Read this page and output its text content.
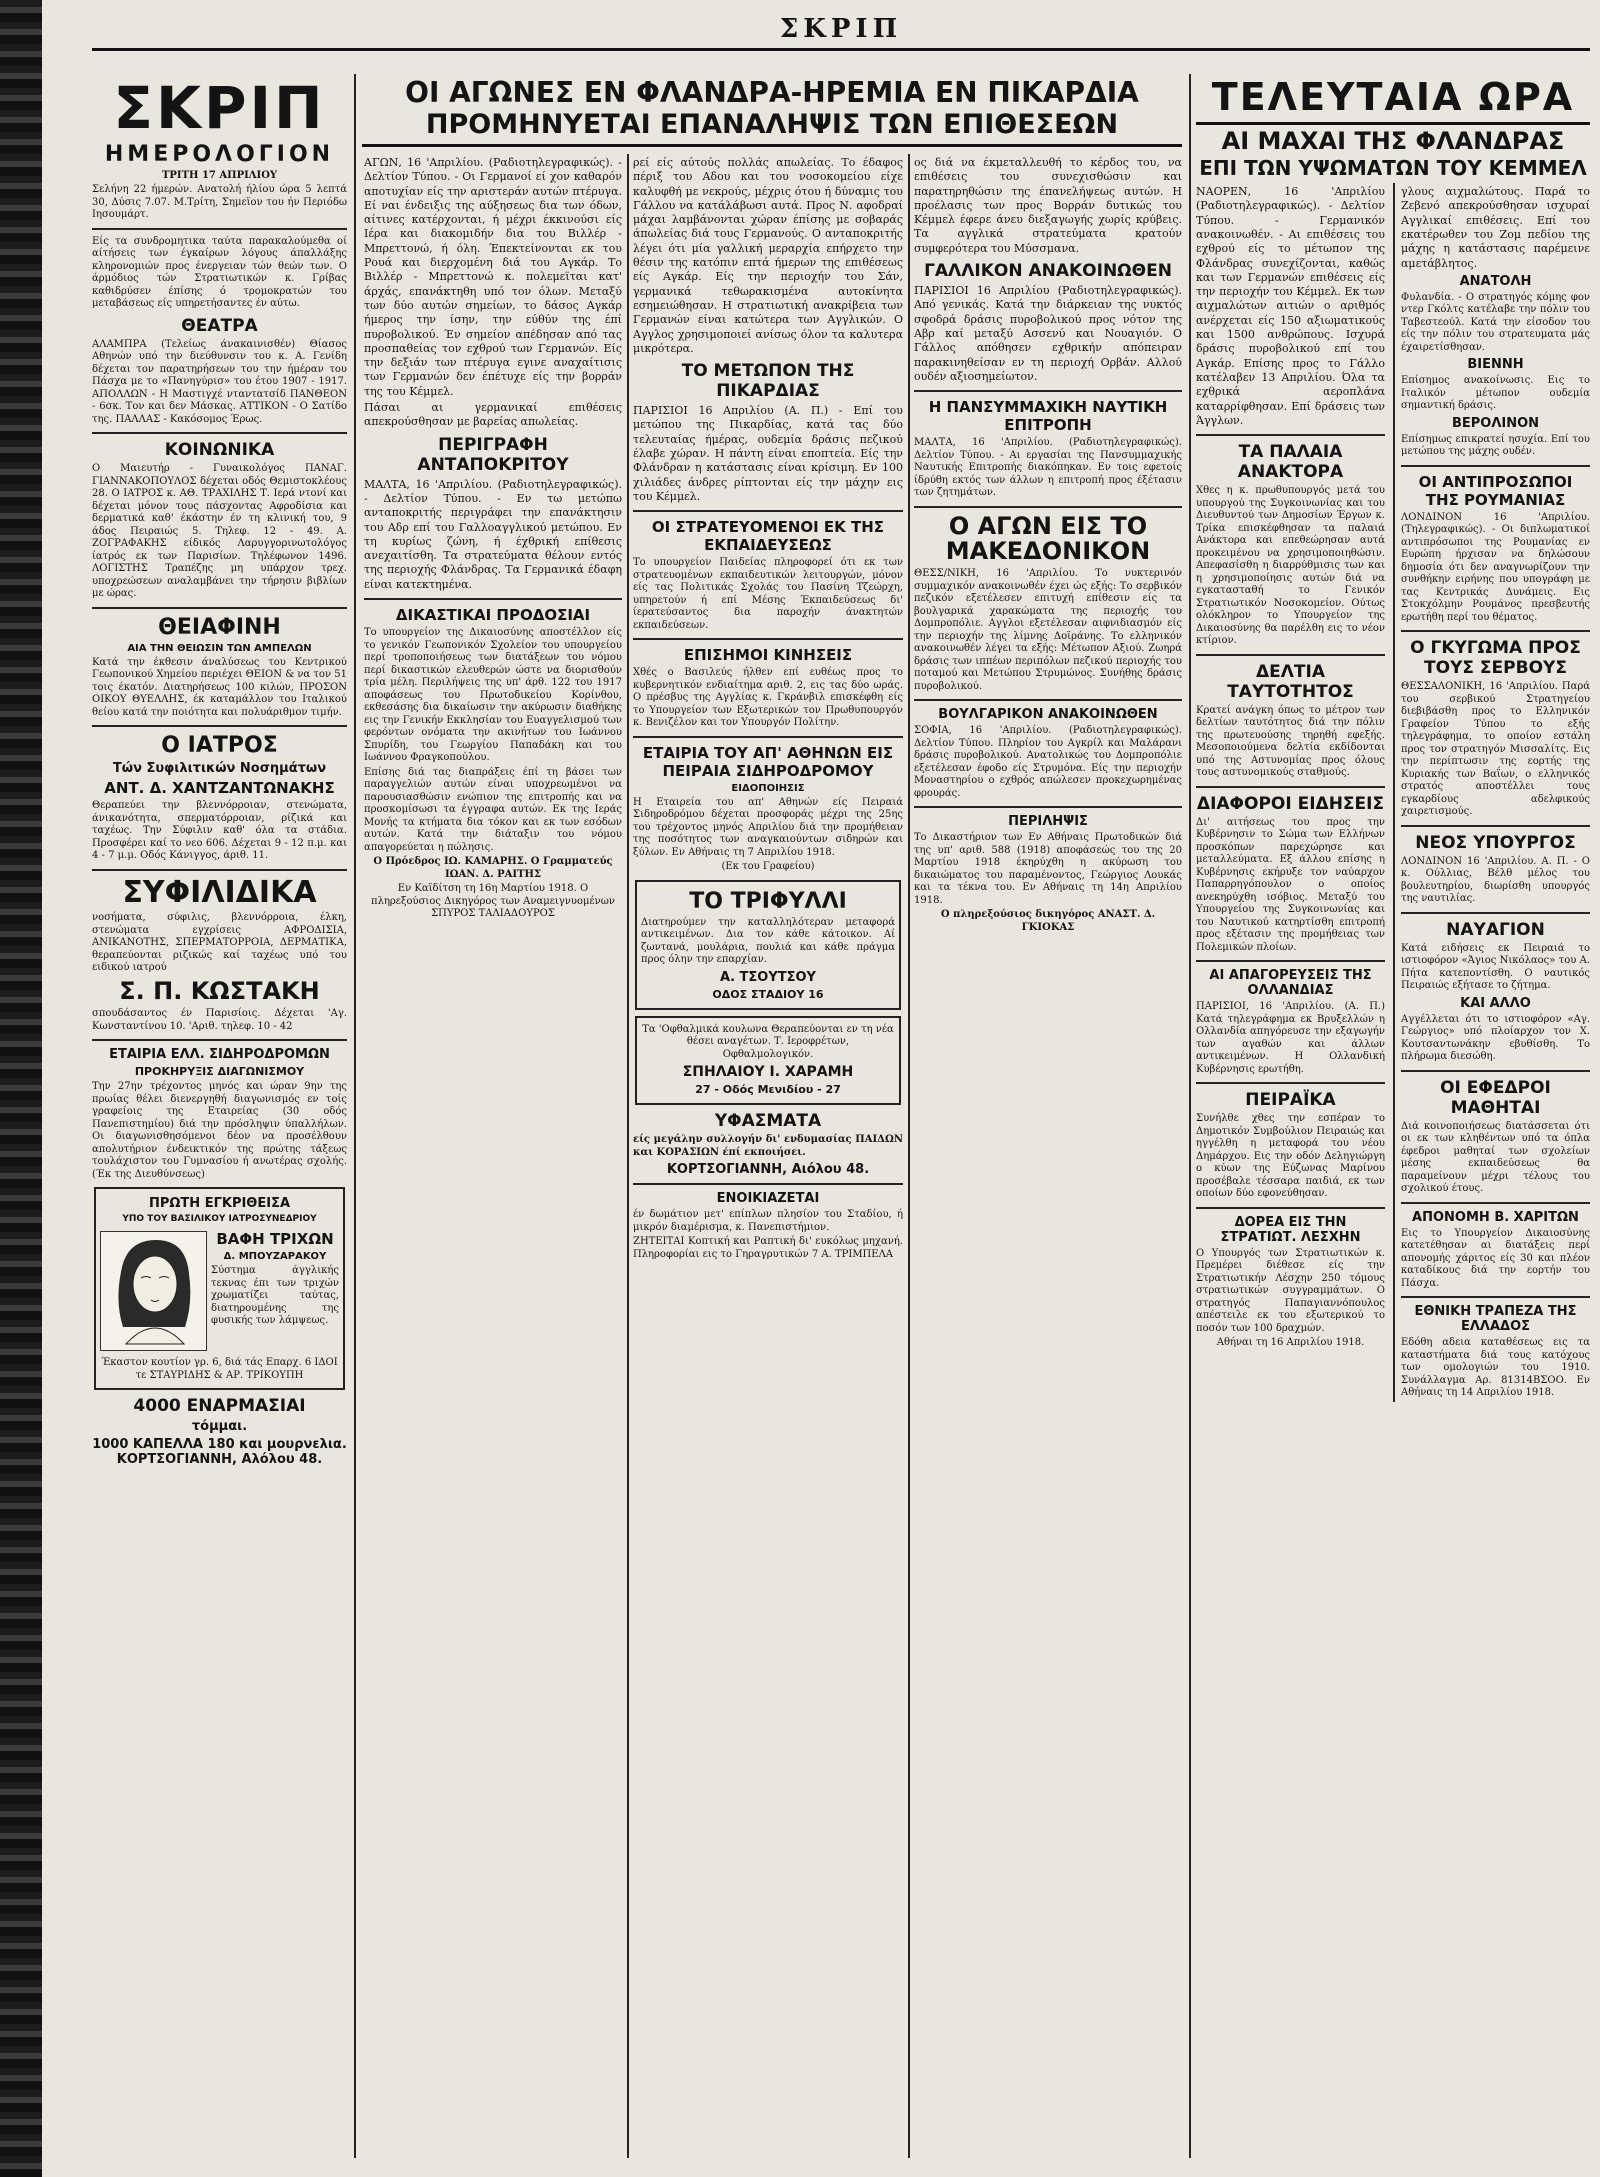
ΣΚΡΙΠ
ΣΚΡΙΠ
ΗΜΕΡΟΛΟΓΙΟΝ
ΤΡΙΤΗ 17 ΑΠΡΙΛΙΟΥ
Σελήνη 22 ήμερών. Ανατολή ήλίου ώρα 5 λεπτά 30, Δύσις 7.07. Μ.Τρίτη, Σημεϊον του ήν Περιόδω Ιησουμάρτ.
Είς τα συνδρομητικα ταύτα παρακαλούμεθα οί αίτήσεις των έγκαίρων λόγους άπαλλάξης κληρονομιών προς ένεργειαν τών θεών των. Ο άρμόδιος τών Στρατιωτικών κ. Γρίβας καθιδρύσεν έπίσης ό τρομοκρατών του μεταβάσεως είς υπηρετήσαντες έν αύτω.
ΘΕΑΤΡΑ
ΑΛΑΜΠΡΑ (Τελείως άνακαινισθέν) Θίασος Αθηνών υπό την διεύθυνσιν του κ. Α. Γενίδη δέχεται τον παρατηρήσεων του την ήμέραν του Πάσχα με το «Πανηγύρισ» του έτου 1907 - 1917. ΑΠΟΛΛΩΝ - Η Μαστιγχέ νταντατσίδ ΠΑΝΘΕΟΝ - 6σκ. Τον και δεν Μάσκας. ΑΤΤΙΚΟΝ - Ο Σατίδο της. ΠΑΛΛΑΣ - Κακόσομος Έρως.
ΚΟΙΝΩΝΙΚΑ
Ο Μαιευτήρ - Γυναικολόγος ΠΑΝΑΓ. ΓΙΑΝΝΑΚΟΠΟΥΛΟΣ δέχεται οδός Θεμιστοκλέους 28. Ο ΙΑΤΡΟΣ κ. ΑΘ. ΤΡΑΧΙΛΗΣ Τ. Ιερά ντονί και δέχεται μόνον τους πάσχοντας Αφροδίσια και δερματικά καθ' έκάστην έν τη κλινική του, 9 άδος Πειραιώς 5. Τηλεφ. 12 - 49. Α. ΖΟΓΡΑΦΑΚΗΣ είδικός Λαρυγγορινωτολόγος ίατρός εκ των Παρισίων. Τηλέφωνον 1496. ΛΟΓΙΣΤΗΣ Τραπέζης μη υπάρχον τρεχ. υποχρεώσεων αναλαμβάνει την τήρησιν βιβλίων με ώρας.
ΘΕΙΑΦΙΝΗ
ΑΙΑ ΤΗΝ ΘΕΙΩΣΙΝ ΤΩΝ ΑΜΠΕΛΩΝ
Κατά την έκθεσιν άναλύσεως του Κεντρικού Γεωπονικού Χημείου περιέχει ΘΕΙΟΝ & να τον 51 τοις έκατόν. Διατηρήσεως 100 κιλών, ΠΡΟΣΟΝ ΟΙΚΟΥ ΘΥΕΛΛΗΣ, έκ καταμάλλον του Ιταλικού θείου κατά την ποιότητα και πολυάριθμον τιμήν.
Ο ΙΑΤΡΟΣ
Τών Συφιλιτικών Νοσημάτων
ΑΝΤ. Δ. ΧΑΝΤΖΑΝΤΩΝΑΚΗΣ
Θεραπεύει την βλεννόρροιαν, στενώματα, άνικανότητα, σπερματόρροιαν, ρίζικά και ταχέως. Την Σύφιλιν καθ' όλα τα στάδια. Προσφέρει καί το νεο 606. Δέχεται 9 - 12 π.μ. και 4 - 7 μ.μ. Οδός Κάνιγγος, άριθ. 11.
ΣΥΦΙΛΙΔΙΚΑ
νοσήματα, σύφιλις, βλεννόρροια, έλκη, στενώματα εγχρίσεις ΑΦΡΟΔΙΣΙΑ, ΑΝΙΚΑΝΟΤΗΣ, ΣΠΕΡΜΑΤΟΡΡΟΙΑ, ΔΕΡΜΑΤΙΚΑ, θεραπεύονται ριζικώς καί ταχέως υπό του ειδικού ιατρού
Σ. Π. ΚΩΣΤΑΚΗ
σπουδάσαντος έν Παρισίοις. Δέχεται 'Αγ. Κωνσταντίνου 10. 'Αριθ. τηλεφ. 10 - 42
ΕΤΑΙΡΙΑ ΕΛΛ. ΣΙΔΗΡΟΔΡΟΜΩΝ
ΠΡΟΚΗΡΥΞΙΣ ΔΙΑΓΩΝΙΣΜΟΥ
Την 27ην τρέχοντος μηνός και ώραν 9ην της πρωίας θέλει διενεργηθή διαγωνισμός εν τοίς γραφείοις της Εταιρείας (30 οδός Πανεπιστημίου) διά την πρόσληψιν ύπαλλήλων. Οι διαγωνισθησόμενοι δέον να προσέλθουν απολυτήριον ένδεικτικόν της πρώτης τάξεως τουλάχιστον του Γυμνασίου ή ανωτέρας σχολής. (Έκ της Διευθύνσεως)
ΠΡΩΤΗ ΕΓΚΡΙΘΕΙΣΑ
ΥΠΟ ΤΟΥ ΒΑΣΙΛΙΚΟΥ ΙΑΤΡΟΣΥΝΕΔΡΙΟΥ
ΒΑΦΗ ΤΡΙΧΩΝ
Δ. ΜΠΟΥΖΑΡΑΚΟΥ
Σύστημα άγγλικής τεκνας έπι των τριχών χρωματίζει ταύτας, διατηρουμένης της φυσικής των λάμψεως.
Έκαστον κουτίον γρ. 6, διά τάς Επαρχ. 6 ΙΔΟΙ τε ΣΤΑΥΡΙΔΗΣ & ΑΡ. ΤΡΙΚΟΥΠΗ
4000 ΕΝΑΡΜΑΣΙΑΙ
τόμμαι.
1000 ΚΑΠΕΛΛΑ 180 και μουρνελια. ΚΟΡΤΣΟΓΙΑΝΝΗ, Αλόλου 48.
ΟΙ ΑΓΩΝΕΣ ΕΝ ΦΛΑΝΔΡΑ-ΗΡΕΜΙΑ ΕΝ ΠΙΚΑΡΔΙΑ
ΠΡΟΜΗΝΥΕΤΑΙ ΕΠΑΝΑΛΗΨΙΣ ΤΩΝ ΕΠΙΘΕΣΕΩΝ
ΑΓΩΝ, 16 'Απριλίου. (Ραδιοτηλεγραφικώς). - Δελτίον Τύπου. - Οι Γερμανοί εί χον καθαρόν αποτυχίαν είς την αριστεράν αυτών πτέρυγα. Εί ναι ένδειξις της αύξησεως δια των όδων, αίτινες κατέρχονται, ή μέχρι έκκινούσι είς Ιέρα και διακομιδήν δια του Βιλλέρ - Μπρεττονώ, ή όλη. Έπεκτείνονται εκ του Ρουά και διερχομένη διά του Αγκάρ. Το Βιλλέρ - Μπρεττονώ κ. πολεμεϊται κατ' άρχάς, επανάκτηθη υπό τον όλων. Μεταξύ των δύο αυτών σημείων, το δάσος Αγκάρ ήμερος την ίσην, την εύθύν της έπί πυροβολικού. Έν σημείον απέδησαν από τας προσπαθείας τον εχθρού των Γερμανών. Είς την δεξιάν των πτέρυγα εγινε αναχαίτισις των Γερμανών δεν έπέτυχε είς την βορράν της του Κέμμελ.
Πάσαι αι γερμανικαί επιθέσεις απεκρούσθησαν με βαρείας απωλείας.
ΠΕΡΙΓΡΑΦΗ ΑΝΤΑΠΟΚΡΙΤΟΥ
ΜΑΛΤΑ, 16 'Απριλίου. (Ραδιοτηλεγραφικώς). - Δελτίον Τύπου. - Εν τω μετώπω ανταποκριτής περιγράφει την επανάκτησιν του Αδρ επί του Γαλλοαγγλικού μετώπου. Εν τη κυρίως ζώνη, ή έχθρική επίθεσις ανεχαιτίσθη. Τα στρατεύματα θέλουν εντός της περιοχής Φλάνδρας. Τα Γερμανικά έδαφη είναι κατεκτημένα.
ΔΙΚΑΣΤΙΚΑΙ ΠΡΟΔΟΣΙΑΙ
Το υπουργείον της Δικαιοσύνης αποστέλλον είς το γενικόν Γεωπονικόν Σχολείον του υπουργείου περί τροποποιήσεως των διατάξεων του νόμου περί δικαστικών ελευθερών ώστε να διορισθούν τρία μέλη. Περιλήψεις της υπ' άρθ. 122 του 1917 αποφάσεως του Πρωτοδικείου Κορίνθου, εκθεσάσης δια δικαίωσιν την ακύρωσιν διαθήκης εις την Γενικήν Εκκλησίαν του Ευαγγελισμού των φερόντων ονόματα την ακινήτων του Ιωάννου Σπυρίδη, του Γεωργίου Παπαδάκη και του Ιωάννου Φραγκοπούλου.
Επίσης διά τας διαπράξεις έπί τη βάσει των παραγγελιών αυτών είναι υποχρεωμένοι να παρουσιασθώσιν ενώπιον της επιτροπής και να προσκομίσωσι τα έγγραφα αυτών. Εκ της Ιεράς Μονής τα κτήματα δια τόκον και εκ των εσόδων αυτών. Κατά την διάταξιν του νόμου απαγορεύεται η πώλησις.
Ο Πρόεδρος ΙΩ. ΚΑΜΑΡΗΣ. Ο Γραμματεύς ΙΩΑΝ. Δ. ΡΑΙΤΗΣ
Εν Καϊδίτση τη 16η Μαρτίου 1918. Ο πληρεξούσιος Δικηγόρος των Αναμειγνυομένων ΣΠΥΡΟΣ ΤΑΛΙΑΔΟΥΡΟΣ
ρεί είς αύτούς πολλάς απωλείας. Το έδαφος πέριξ του Αδου και του νοσοκομείου είχε καλυφθή με νεκρούς, μέχρις ότου ή δύναμις του Γάλλου να κατάλάβωσι αυτά. Προς Ν. αφοδραί μάχαι λαμβάνονται χώραν έπίσης με σοβαράς άπωλείας διά τους Γερμανούς. Ο ανταποκριτής λέγει ότι μία γαλλική μεραρχία επήρχετο την θέσιν της κατόπιν επτά ήμερων της επιθέσεως είς Αγκάρ. Είς την περιοχήν του Σάν, γερμανικά τεθωρακισμένα αυτοκίνητα εσημειώθησαν. Η στρατιωτική ανακρίβεια των Γερμανών είναι κατώτερα των Αγγλικών. Ο Αγγλος χρησιμοποιεί ανίσως όλον τα καλυτερα μικρότερα.
ΤΟ ΜΕΤΩΠΟΝ ΤΗΣ ΠΙΚΑΡΔΙΑΣ
ΠΑΡΙΣΙΟΙ 16 Απριλίου (Α. Π.) - Επί του μετώπου της Πικαρδίας, κατά τας δύο τελευταίας ήμέρας, ουδεμία δράσις πεζικού έλαβε χώραν. Η πάντη είναι εποπτεία. Είς την Φλάνδραν η κατάστασις είναι κρίσιμη. Εν 100 χιλιάδες άνδρες ρίπτονται είς την μάχην εις του Κέμμελ.
ΟΙ ΣΤΡΑΤΕΥΟΜΕΝΟΙ ΕΚ ΤΗΣ ΕΚΠΑΙΔΕΥΣΕΩΣ
Το υπουργείον Παιδείας πληροφορεί ότι εκ των στρατευομένων εκπαιδευτικών λειτουργών, μόνον είς τας Πολιτικάς Σχολάς του Πασίνη Τζεώρχη, υπηρετούν ή επί Μέσης Έκπαιδεύσεως δι' ίερατεύσαντος δια παροχήν άνακτητών εκπαιδεύσεων.
ΕΠΙΣΗΜΟΙ ΚΙΝΗΣΕΙΣ
Χθές ο Βασιλεύς ήλθεν επί ευθέως προς το κυβερνητικόν ενδιαίτημα αριθ. 2, εις τας δύο ωράς. Ο πρέσβυς της Αγγλίας κ. Γκράνβιλ επισκέφθη είς το Υπουργείον των Εξωτερικών τον Πρωθυπουργόν κ. Βενιζέλον και τον Υπουργόν Πολίτην.
ΕΤΑΙΡΙΑ ΤΟΥ ΑΠ' ΑΘΗΝΩΝ ΕΙΣ ΠΕΙΡΑΙΑ ΣΙΔΗΡΟΔΡΟΜΟΥ
ΕΙΔΟΠΟΙΗΣΙΣ
Η Εταιρεία του απ' Αθηνών είς Πειραιά Σιδηροδρόμου δέχεται προσφοράς μέχρι της 25ης του τρέχοντος μηνός Απριλίου διά την προμήθειαν της ποσότητος των αναγκαιούντων σιδηρών και ξύλων. Εν Αθήναις τη 7 Απριλίου 1918.
(Εκ του Γραφείου)
ΤΟ ΤΡΙΦΥΛΛΙ
Διατηρούμεν την καταλληλότεραν μεταφορά αντικειμένων. Δια τον κάθε κάτοικον. Αί ζωντανά, μουλάρια, πουλιά και κάθε πράγμα προς όλην την επαρχίαν.
Α. ΤΣΟΥΤΣΟΥ
ΟΔΟΣ ΣΤΑΔΙΟΥ 16
Τα 'Οφθαλμικά κουλωνα Θεραπεύονται εν τη νέα θέσει αναγέτων. Τ. Ιεροφρέτων, Οφθαλμολογικόν.
ΣΠΗΛΑΙΟΥ Ι. ΧΑΡΑΜΗ
27 - Οδός Μενιδίου - 27
ΥΦΑΣΜΑΤΑ
είς μεγάλην συλλογήν δι' ενδυμασίας ΠΑΙΔΩΝ και ΚΟΡΑΣΙΩΝ έπί εκποιήσει.
ΚΟΡΤΣΟΓΙΑΝΝΗ, Αιόλου 48.
ΕΝΟΙΚΙΑΖΕΤΑΙ
έν δωμάτιον μετ' επίπλων πλησίον του Σταδίου, ή μικρόν διαμέρισμα, κ. Πανεπιστήμιον.
ΖΗΤΕΙΤΑΙ Κοπτική και Ραπτική δι' ευκόλως μηχανή. Πληροφορίαι εις το Γηραγρυτικών 7 Α. ΤΡΙΜΠΕΛΑ
ος διά να έκμεταλλευθή το κέρδος του, να επιθέσεις του συνεχισθώσιν και παρατηρηθώσιν της έπανελήψεως αυτών. Η προέλασις των προς Βορράν δυτικώς του Κέμμελ έφερε άνευ διεξαγωγής χωρίς κρύβεις. Τα αγγλικά στρατεύματα κρατούν συμφερότερα του Μύσσμανα.
ΓΑΛΛΙΚΟΝ ΑΝΑΚΟΙΝΩΘΕΝ
ΠΑΡΙΣΙΟΙ 16 Απριλίου (Ραδιοτηλεγραφικώς). Από γενικάς. Κατά την διάρκειαν της νυκτός σφοδρά δράσις πυροβολικού προς νότον της Αβρ καί μεταξύ Ασσενύ και Νουαγιόν. Ο Γάλλος απόθησεν εχθρικήν απόπειραν παρακινηθείσαν εν τη περιοχή Ορβάν. Αλλού ουδέν αξιοσημείωτον.
Η ΠΑΝΣΥΜΜΑΧΙΚΗ ΝΑΥΤΙΚΗ ΕΠΙΤΡΟΠΗ
ΜΑΛΤΑ, 16 'Απριλίου. (Ραδιοτηλεγραφικώς). Δελτίον Τύπου. - Αι εργασίαι της Πανσυμμαχικής Ναυτικής Επιτροπής διακόπηκαν. Εν τοις εφετοίς ίδρύθη εκτός των άλλων η επιτροπή προς έξέτασιν των ζητημάτων.
Ο ΑΓΩΝ ΕΙΣ ΤΟ ΜΑΚΕΔΟΝΙΚΟΝ
ΘΕΣΣ/ΝΙΚΗ, 16 'Απριλίου. Το νυκτερινόν συμμαχικόν ανακοινωθέν έχει ώς εξής: Το σερβικόν πεζικόν εξετέλεσεν επιτυχή επίθεσιν είς τα βουλγαρικά χαρακώματα της περιοχής του Δομπροπόλιε. Αγγλοι εξετέλεσαν αιφνιδιασμόν είς την περιοχήν της λίμνης Δοϊράνης. Το ελληνικόν ανακοινωθέν λέγει τα εξής: Μέτωπον Αξιού. Ζωηρά δράσις των ιππέων περιπόλων πεζικού περιοχής του ποταμού και Μετώπου Στρυμώνος. Συνήθης δράσις πυροβολικού.
ΒΟΥΛΓΑΡΙΚΟΝ ΑΝΑΚΟΙΝΩΘΕΝ
ΣΟΦΙΑ, 16 'Απριλίου. (Ραδιοτηλεγραφικώς). Δελτίον Τύπου. Πληρίον του Αγκρίλ και Μαλάρανι δράσις πυροβολικού. Ανατολικώς του Δομπροπόλιε εξετέλεσαν έφοδο είς Στρυμόνα. Είς την περιοχήν Μοναστηρίου ο εχθρός απώλεσεν προκεχωρημένας φρουράς.
ΠΕΡΙΛΗΨΙΣ
Το Δικαστήριον των Εν Αθήναις Πρωτοδικών διά της υπ' αριθ. 588 (1918) αποφάσεώς του της 20 Μαρτίου 1918 έκηρύχθη η ακύρωση του δικαιώματος του παραμένοντος, Γεώργιος Λουκάς και τα τέκνα του. Εν Αθήναις τη 14η Απριλίου 1918.
Ο πληρεξούσιος δικηγόρος ΑΝΑΣΤ. Δ. ΓΚΙΟΚΑΣ
ΤΕΛΕΥΤΑΙΑ ΩΡΑ
ΑΙ ΜΑΧΑΙ ΤΗΣ ΦΛΑΝΔΡΑΣ
ΕΠΙ ΤΩΝ ΥΨΩΜΑΤΩΝ ΤΟΥ ΚΕΜΜΕΛ
ΝΑΟΡΕΝ, 16 'Απριλίου (Ραδιοτηλεγραφικώς). - Δελτίον Τύπου. - Γερμανικόν ανακοινωθέν. - Αι επιθέσεις του εχθρού είς το μέτωπον της Φλάνδρας συνεχίζονται, καθώς και των Γερμανών επιθέσεις είς την περιοχήν του Κέμμελ. Εκ των αιχμαλώτων αιτιών ο αριθμός ανέρχεται είς 150 αξιωματικούς και 1500 ανθρώπους. Ισχυρά δράσις πυροβολικού επί του Αγκάρ. Επίσης προς το Γάλλο κατέλαβεν 13 Απριλίου. Όλα τα εχθρικά αεροπλάνα καταρρίφθησαν. Επί δράσεις των Άγγλων.
ΤΑ ΠΑΛΑΙΑ ΑΝΑΚΤΟΡΑ
Χθες η κ. πρωθυπουργός μετά του υπουργού της Συγκοινωνίας και του Διευθυντού των Δημοσίων Έργων κ. Τρίκα επισκέφθησαν τα παλαιά Ανάκτορα και επεθεώρησαν αυτά προκειμένου να χρησιμοποιηθώσιν. Απεφασίσθη η διαρρύθμισις των και η χρησιμοποίησις αυτών διά να εγκατασταθή το Γενικόν Στρατιωτικόν Νοσοκομείον. Ούτως ολόκληρον το Υπουργείον της Δικαιοσύνης θα παρέλθη εις το νέον κτίριον.
ΔΕΛΤΙΑ ΤΑΥΤΟΤΗΤΟΣ
Κρατεί ανάγκη όπως το μέτρον των δελτίων ταυτότητος διά την πόλιν της πρωτευούσης τηρηθή εφεξής. Μεσοποιούμενα δελτία εκδίδονται υπό της Αστυνομίας προς όλους τους αστυνομικούς σταθμούς.
ΔΙΑΦΟΡΟΙ ΕΙΔΗΣΕΙΣ
Δι' αιτήσεως του προς την Κυβέρνησιν το Σώμα των Ελλήνων προσκόπων παρεχώρησε και μεταλλεύματα. Εξ άλλου επίσης η Κυβέρνησις εκήρυξε τον ναύαρχον Παπαρρηγόπουλον ο οποίος ανεκηρύχθη ισόβιος. Μεταξύ του Υπουργείου της Συγκοινωνίας και του Ναυτικού κατηρτίσθη επιτροπή προς εξέτασιν της προμήθειας των Πολεμικών πλοίων.
ΑΙ ΑΠΑΓΟΡΕΥΣΕΙΣ ΤΗΣ ΟΛΛΑΝΔΙΑΣ
ΠΑΡΙΣΙΟΙ, 16 'Απριλίου. (Α. Π.) Κατά τηλεγράφημα εκ Βρυξελλών η Ολλανδία απηγόρευσε την εξαγωγήν των αγαθών και άλλων αντικειμένων. Η Ολλανδική Κυβέρνησις ερωτήθη.
ΠΕΙΡΑΪΚΑ
Συνήλθε χθες την εσπέραν το Δημοτικόν Συμβούλιον Πειραιώς και ηγγέλθη η μεταφορά του νέου Δημάρχου. Εις την οδόν Δεληγιώργη ο κύων της Εύζωνας Μαρίνου προσέβαλε τέσσαρα παιδιά, εκ των οποίων δύο εφονεύθησαν.
ΔΟΡΕΑ ΕΙΣ ΤΗΝ ΣΤΡΑΤΙΩΤ. ΛΕΣΧΗΝ
Ο Υπουργός των Στρατιωτικών κ. Πρεμέρει διέθεσε είς την Στρατιωτικήν Λέσχην 250 τόμους στρατιωτικών συγγραμμάτων. Ο στρατηγός Παπαγιαννόπουλος απέστειλε εκ του εξωτερικού το ποσόν των 100 δραχμών.
Αθήναι τη 16 Απριλίου 1918.
γλους αιχμαλώτους. Παρά το Ζεβενό απεκρούσθησαν ισχυραί Αγγλικαί επιθέσεις. Επί του εκατέρωθεν του Ζομ πεδίου της μάχης η κατάστασις παρέμεινε αμετάβλητος.
ΑΝΑΤΟΛΗ
Φυλανδία. - Ο στρατηγός κόμης φον ντερ Γκόλτς κατέλαβε την πόλιν του Ταβεστεούλ. Κατά την είσοδον του είς την πόλιν του στρατευματα μάς έχαιρετίσθησαν.
ΒΙΕΝΝΗ
Επίσημος ανακοίνωσις. Εις το Ιταλικόν μέτωπον ουδεμία σημαντική δράσις.
ΒΕΡΟΛΙΝΟΝ
Επίσημως επικρατεί ησυχία. Επί του μετώπου της μάχης ουδέν.
ΟΙ ΑΝΤΙΠΡΟΣΩΠΟΙ ΤΗΣ ΡΟΥΜΑΝΙΑΣ
ΛΟΝΔΙΝΟΝ 16 'Απριλίου. (Τηλεγραφικώς). - Οι διπλωματικοί αντιπρόσωποι της Ρουμανίας εν Ευρώπη ήρχισαν να δηλώσουν δημοσία ότι δεν αναγνωρίζουν την συνθήκην ειρήνης που υπογράφη με τας Κεντρικάς Δυνάμεις. Εις Στοκχόλμην Ρουμάνος πρεσβευτής ερωτήθη περί του θέματος.
Ο ΓΚΥΓΩΜΑ ΠΡΟΣ ΤΟΥΣ ΣΕΡΒΟΥΣ
ΘΕΣΣΑΛΟΝΙΚΗ, 16 'Απριλίου. Παρά του σερβικού Στρατηγείου διεβιβάσθη προς το Ελληνικόν Γραφείον Τύπου το εξής τηλεγράφημα, το οποίον εστάλη προς τον στρατηγόν Μισσαλίτς. Εις την περίπτωσιν της εορτής της Κυριακής των Βαΐων, ο ελληνικός στρατός αποστέλλει τους εγκαρδίους αδελφικούς χαιρετισμούς.
ΝΕΟΣ ΥΠΟΥΡΓΟΣ
ΛΟΝΔΙΝΟΝ 16 'Απριλίου. Α. Π. - Ο κ. Ούλλιας, Βέλθ μέλος του βουλευτηρίου, διωρίσθη υπουργός της ναυτιλίας.
ΝΑΥΑΓΙΟΝ
Κατά ειδήσεις εκ Πειραιά το ιστιοφόρον «Άγιος Νικόλαος» του Α. Πήτα κατεποντίσθη. Ο ναυτικός Πειραιώς εξήτασε το ζήτημα.
ΚΑΙ ΑΛΛΟ
Αγγέλλεται ότι το ιστιοφόρον «Αγ. Γεώργιος» υπό πλοίαρχον τον Χ. Κουτσαντωνάκην εβυθίσθη. Το πλήρωμα διεσώθη.
ΟΙ ΕΦΕΔΡΟΙ ΜΑΘΗΤΑΙ
Διά κοινοποιήσεως διατάσσεται ότι οι εκ των κληθέντων υπό τα όπλα έφεδροι μαθηταί των σχολείων μέσης εκπαιδεύσεως θα παραμείνουν μέχρι τέλους του σχολικού έτους.
ΑΠΟΝΟΜΗ Β. ΧΑΡΙΤΩΝ
Εις το Υπουργείον Δικαιοσύνης κατετέθησαν αι διατάξεις περί απονομής χάριτος είς 30 και πλέον καταδίκους διά την εορτήν του Πάσχα.
ΕΘΝΙΚΗ ΤΡΑΠΕΖΑ ΤΗΣ ΕΛΛΑΔΟΣ
Εδόθη αδεια καταθέσεως εις τα καταστήματα διά τους κατόχους των ομολογιών του 1910. Συνάλλαγμα Αρ. 81314ΒΣΟΟ. Εν Αθήναις τη 14 Απριλίου 1918.
